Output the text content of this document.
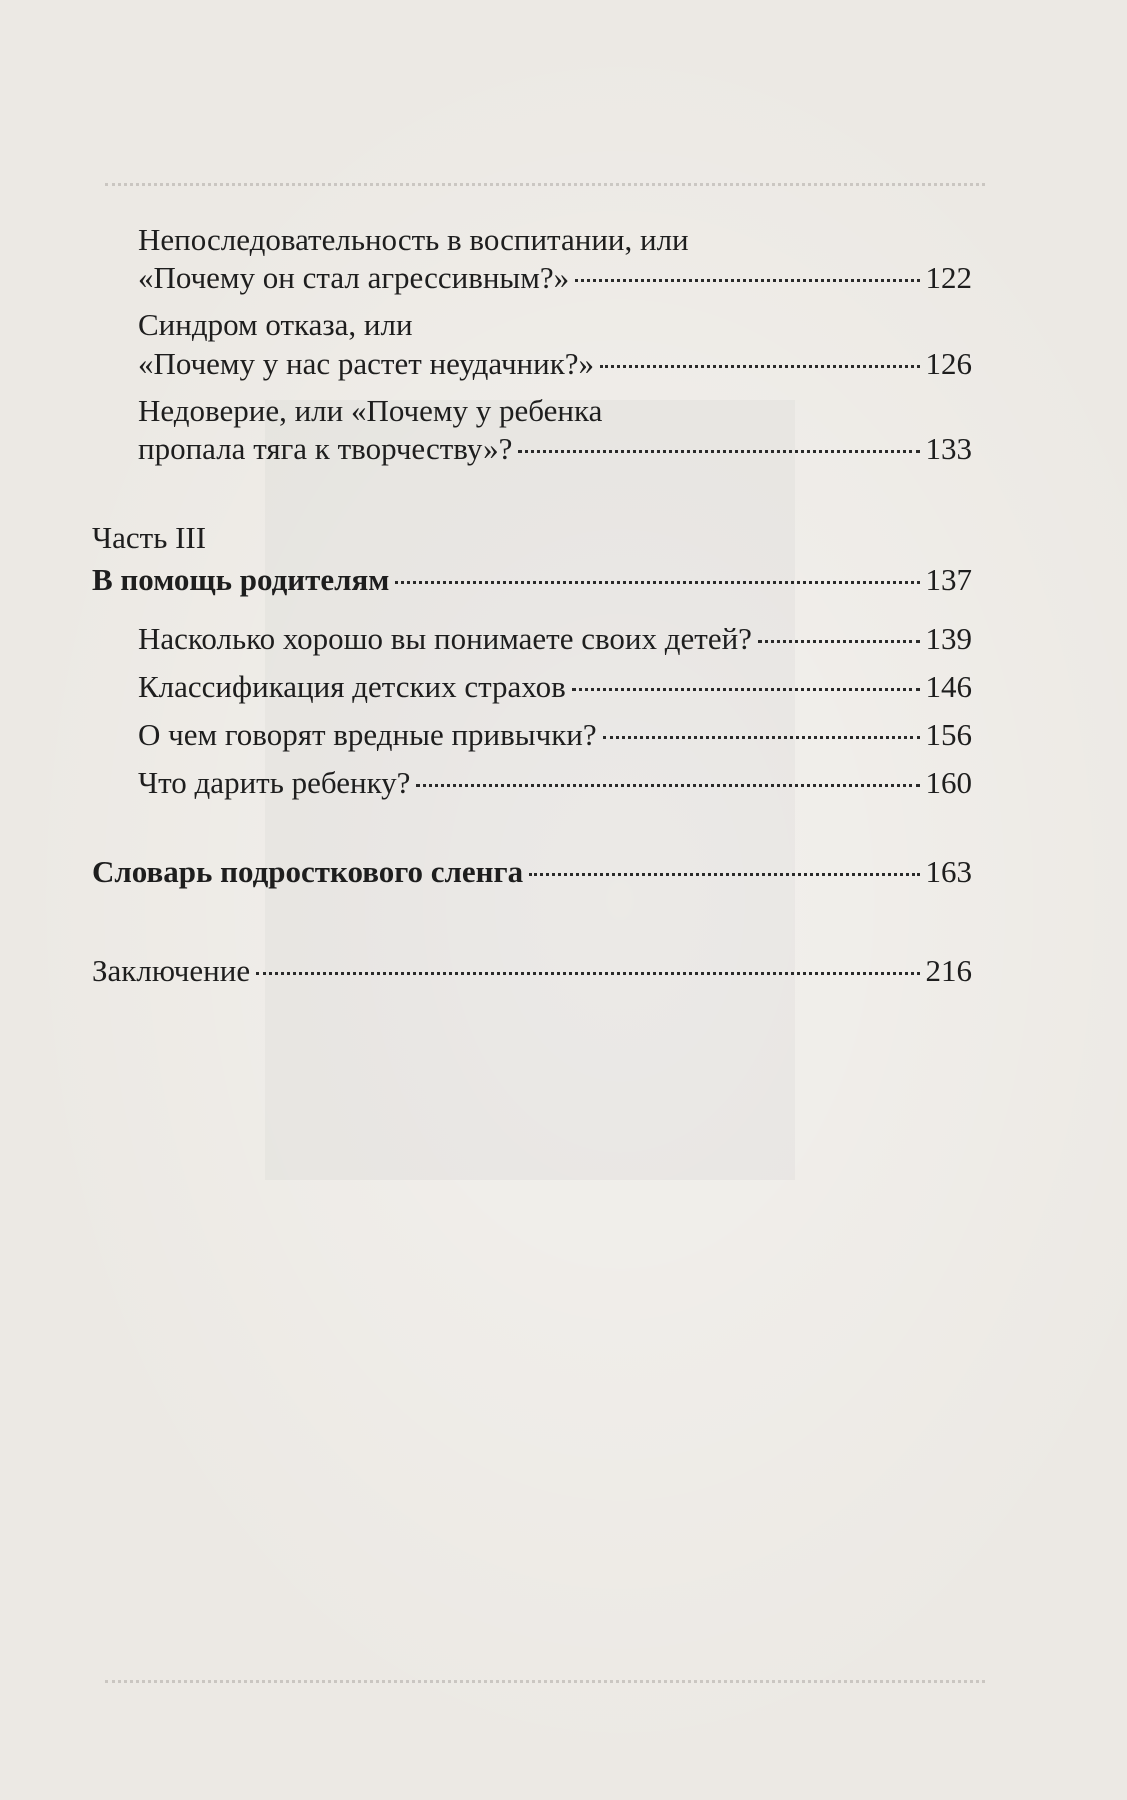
Непоследовательность в воспитании, или
«Почему он стал агрессивным?»	122
Синдром отказа, или
«Почему у нас растет неудачник?»	126
Недоверие, или «Почему у ребенка
пропала тяга к творчеству»?	133
Часть III
В помощь родителям	137
Насколько хорошо вы понимаете своих детей?	139
Классификация детских страхов	146
О чем говорят вредные привычки?	156
Что дарить ребенку?	160
Словарь подросткового сленга	163
Заключение	216
